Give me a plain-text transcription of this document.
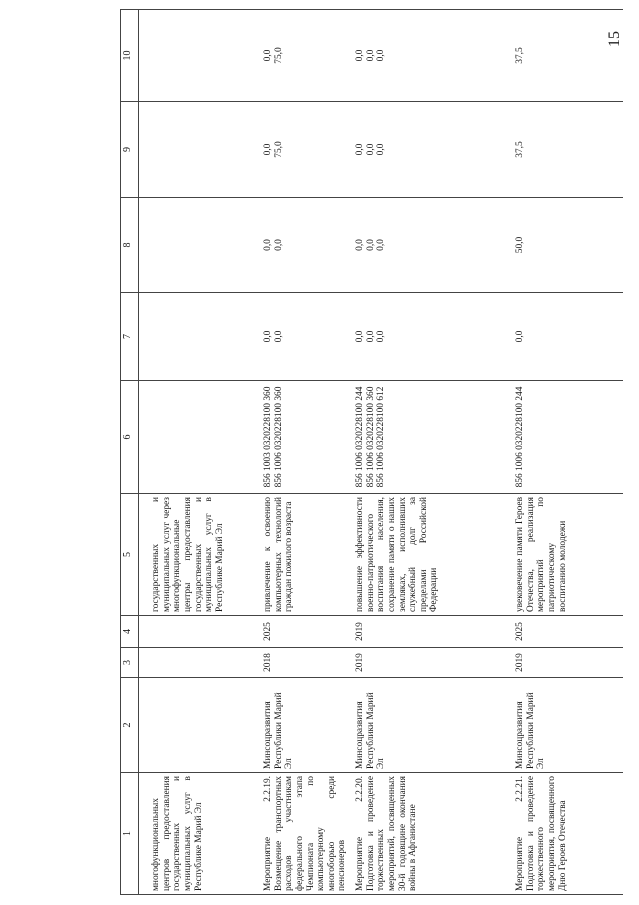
15
1	2	3	4	5	6	7	8	9	10

многофункциональных центров предоставления государственных и муниципальных услуг в Республике Марий Эл				государственных и муниципальных услуг через многофункциональные центры предоставления государственных и муниципальных услуг в Республике Марий Эл					
Мероприятие 2.2.19. Возмещение транспортных расходов участникам федерального этапа Чемпионата по компьютерному многоборью среди пенсионеров	Минсоцразвития Республики Марий Эл	2018	2025	привлечение к освоению компьютерных технологий граждан пожилого возраста	856 1003 0320228100 360 856 1006 0320228100 360	0,0 0,0	0,0 0,0	0,0 75,0	0,0 75,0

Мероприятие 2.2.20. Подготовка и проведение торжественных мероприятий, посвященных 30-й годовщине окончания войны в Афганистане	Минсоцразвития Республики Марий Эл	2019	2019	повышение эффективности военно-патриотического воспитания населения, сохранение памяти о наших земляках, исполнивших служебный долг за пределами Российской Федерации	856 1006 0320228100 244 856 1006 0320228100 360 856 1006 0320228100 612	0,0 0,0 0,0	0,0 0,0 0,0	0,0 0,0 0,0	0,0 0,0 0,0

Мероприятие 2.2.21. Подготовка и проведение торжественного мероприятия, посвященного Дню Героев Отечества	Минсоцразвития Республики Марий Эл	2019	2025	увековечение памяти Героев Отечества, реализация мероприятий по патриотическому воспитанию молодежи	856 1006 0320228100 244	0,0	50,0	37,5	37,5
